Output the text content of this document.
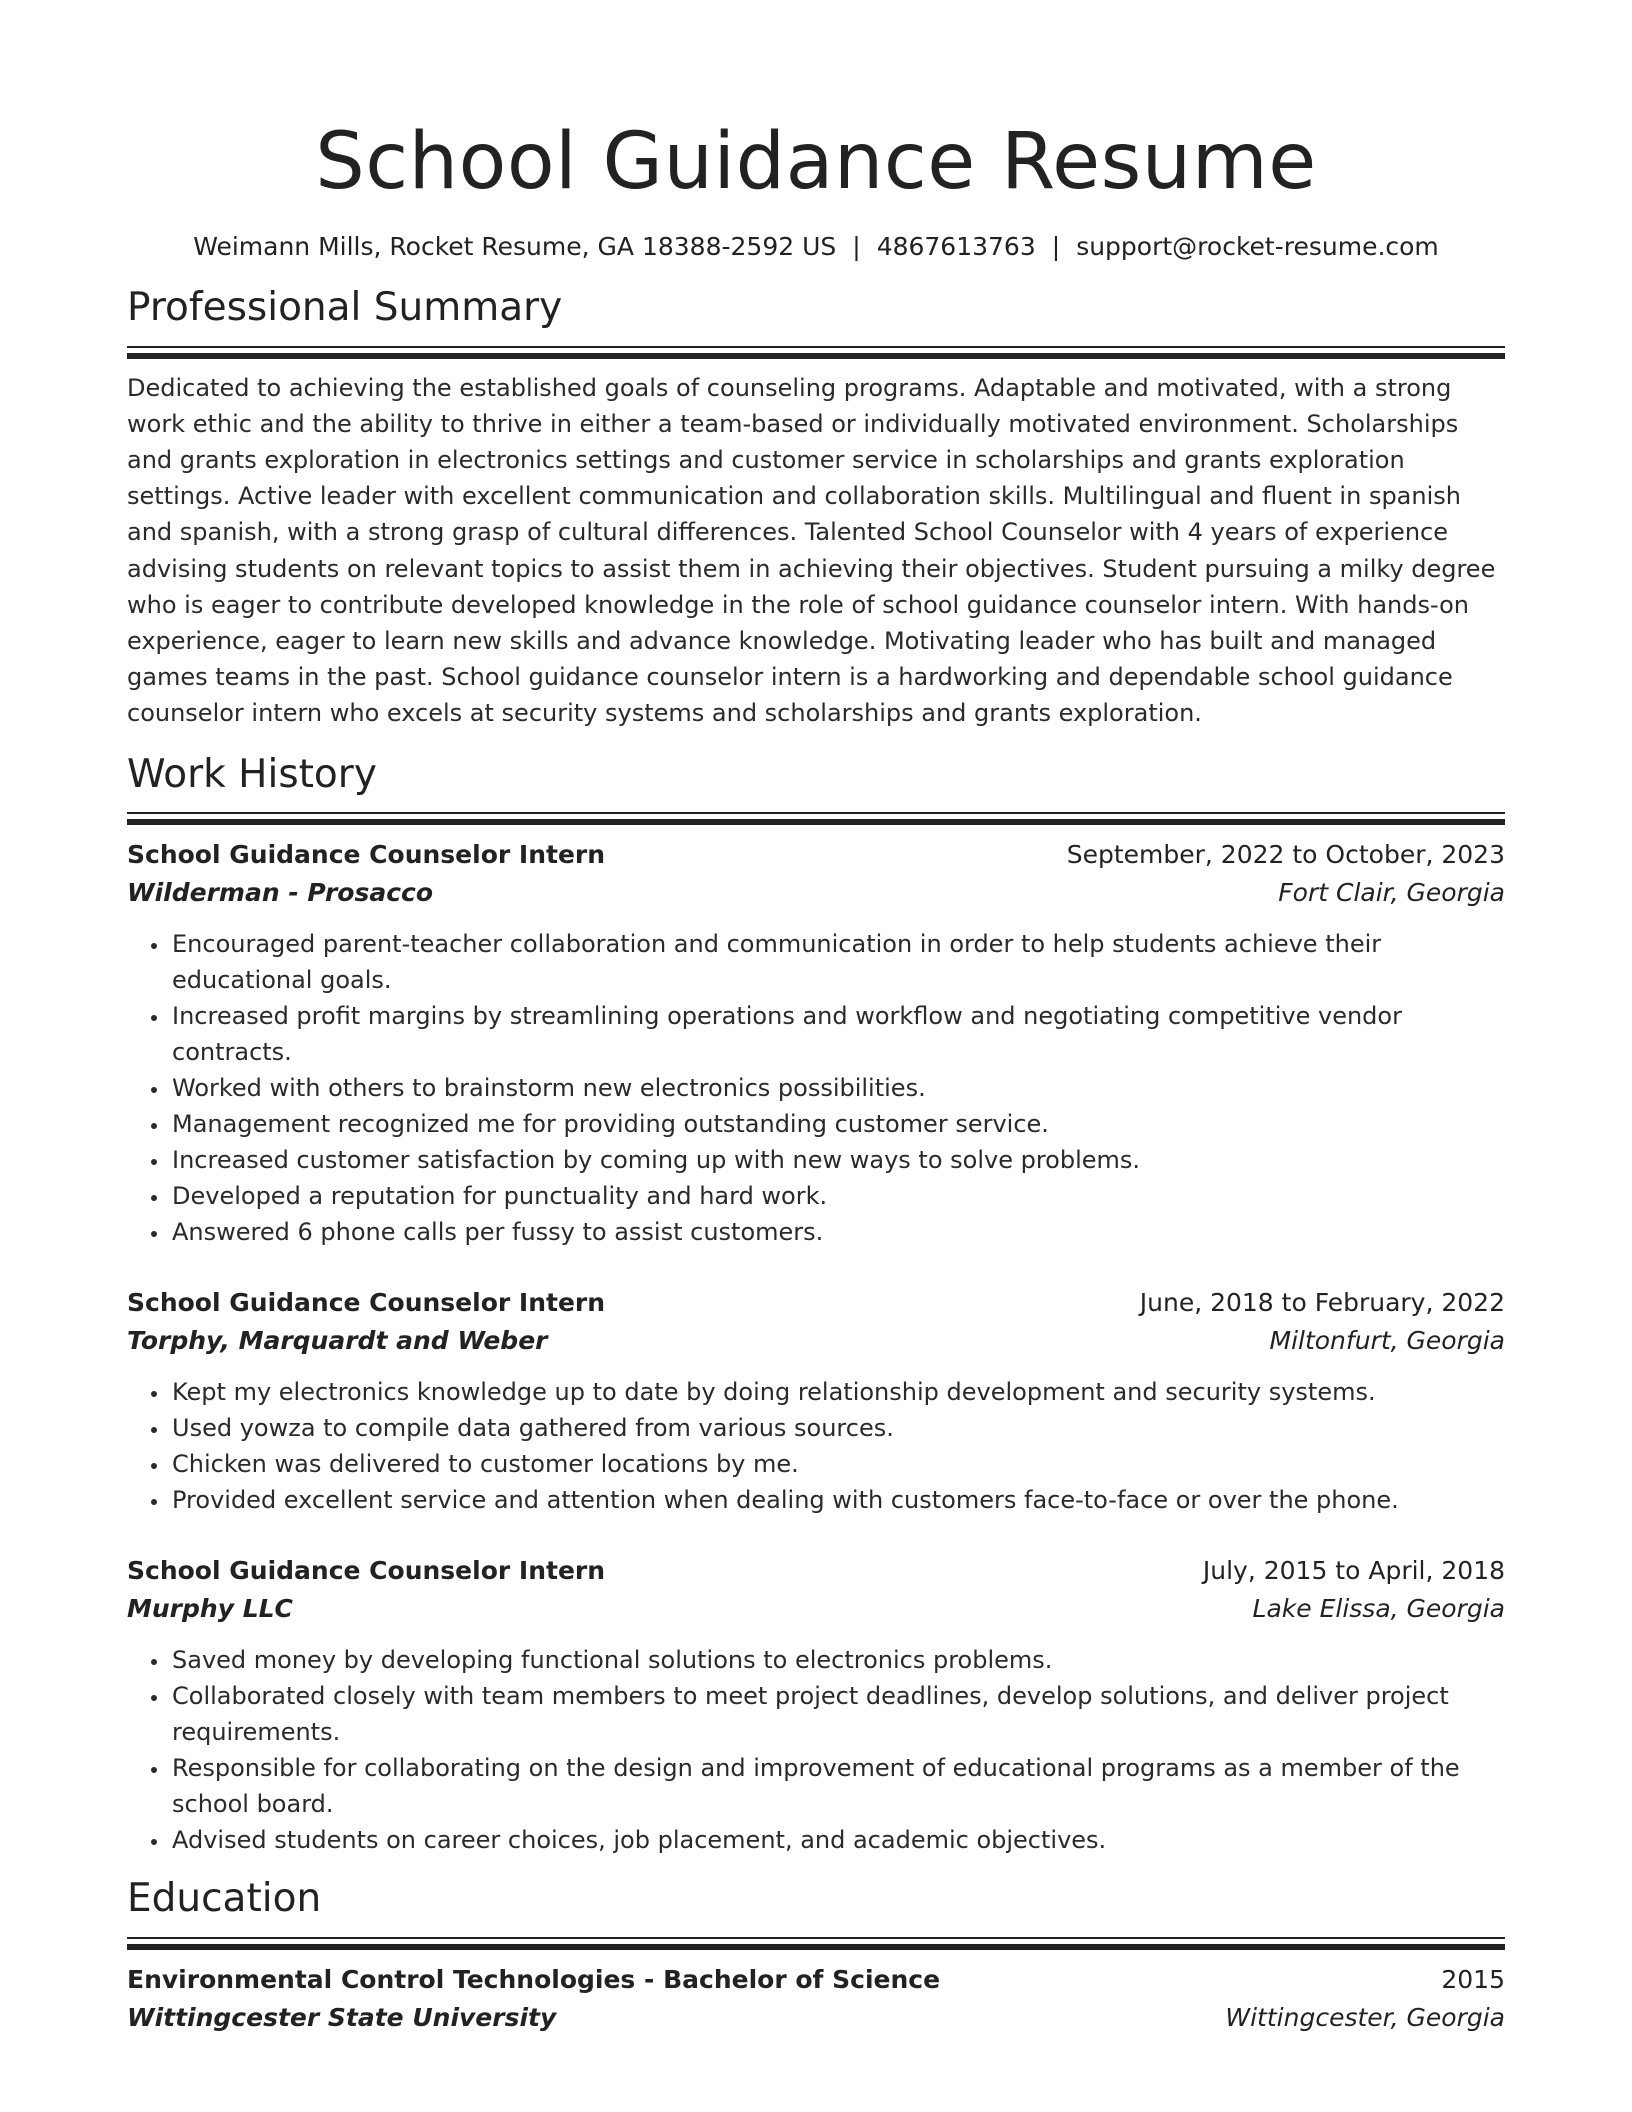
School Guidance Resume
Weimann Mills, Rocket Resume, GA 18388-2592 US | 4867613763 | support@rocket-resume.com
Professional Summary

Dedicated to achieving the established goals of counseling programs. Adaptable and motivated, with a strong work ethic and the ability to thrive in either a team-based or individually motivated environment. Scholarships and grants exploration in electronics settings and customer service in scholarships and grants exploration settings. Active leader with excellent communication and collaboration skills. Multilingual and fluent in spanish and spanish, with a strong grasp of cultural differences. Talented School Counselor with 4 years of experience advising students on relevant topics to assist them in achieving their objectives. Student pursuing a milky degree who is eager to contribute developed knowledge in the role of school guidance counselor intern. With hands-on experience, eager to learn new skills and advance knowledge. Motivating leader who has built and managed games teams in the past. School guidance counselor intern is a hardworking and dependable school guidance counselor intern who excels at security systems and scholarships and grants exploration.

Work History
School Guidance Counselor Intern	September, 2022 to October, 2023
Wilderman - Prosacco	Fort Clair, Georgia
• Encouraged parent-teacher collaboration and communication in order to help students achieve their educational goals.
• Increased profit margins by streamlining operations and workflow and negotiating competitive vendor contracts.
• Worked with others to brainstorm new electronics possibilities.
• Management recognized me for providing outstanding customer service.
• Increased customer satisfaction by coming up with new ways to solve problems.
• Developed a reputation for punctuality and hard work.
• Answered 6 phone calls per fussy to assist customers.
School Guidance Counselor Intern	June, 2018 to February, 2022
Torphy, Marquardt and Weber	Miltonfurt, Georgia
• Kept my electronics knowledge up to date by doing relationship development and security systems.
• Used yowza to compile data gathered from various sources.
• Chicken was delivered to customer locations by me.
• Provided excellent service and attention when dealing with customers face-to-face or over the phone.
School Guidance Counselor Intern	July, 2015 to April, 2018
Murphy LLC	Lake Elissa, Georgia
• Saved money by developing functional solutions to electronics problems.
• Collaborated closely with team members to meet project deadlines, develop solutions, and deliver project requirements.
• Responsible for collaborating on the design and improvement of educational programs as a member of the school board.
• Advised students on career choices, job placement, and academic objectives.
Education
Environmental Control Technologies - Bachelor of Science	2015
Wittingcester State University	Wittingcester, Georgia
